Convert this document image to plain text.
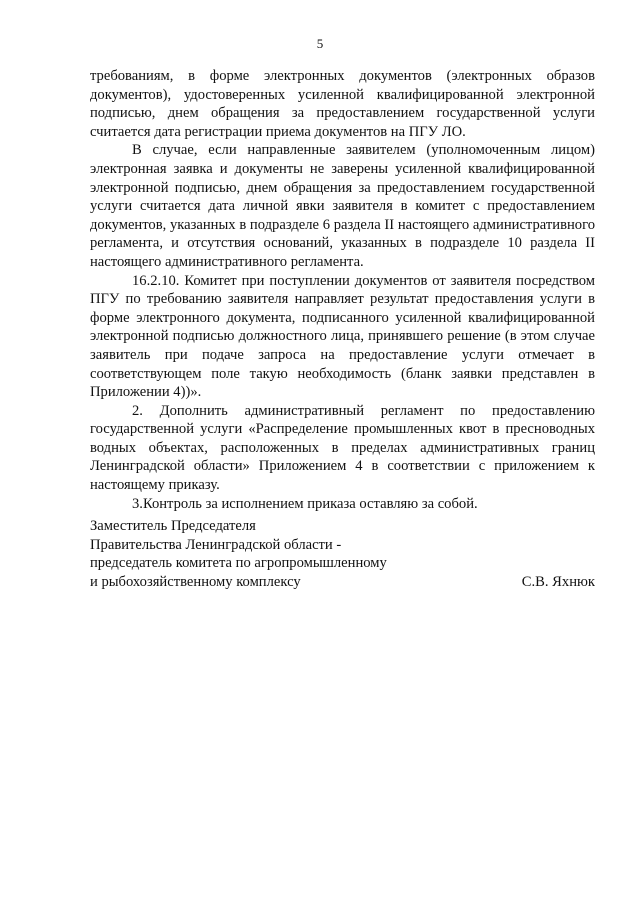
5

требованиям, в форме электронных документов (электронных образов документов), удостоверенных усиленной квалифицированной электронной подписью, днем обращения за предоставлением государственной услуги считается дата регистрации приема документов на ПГУ ЛО.

В случае, если направленные заявителем (уполномоченным лицом) электронная заявка и документы не заверены усиленной квалифицированной электронной подписью, днем обращения за предоставлением государственной услуги считается дата личной явки заявителя в комитет с предоставлением документов, указанных в подразделе 6 раздела II настоящего административного регламента, и отсутствия оснований, указанных в подразделе 10 раздела II настоящего административного регламента.

16.2.10. Комитет при поступлении документов от заявителя посредством ПГУ по требованию заявителя направляет результат предоставления услуги в форме электронного документа, подписанного усиленной квалифицированной электронной подписью должностного лица, принявшего решение (в этом случае заявитель при подаче запроса на предоставление услуги отмечает в соответствующем поле такую необходимость (бланк заявки представлен в Приложении 4))».

2. Дополнить административный регламент по предоставлению государственной услуги «Распределение промышленных квот в пресноводных водных объектах, расположенных в пределах административных границ Ленинградской области» Приложением 4 в соответствии с приложением к настоящему приказу.

3.Контроль за исполнением приказа оставляю за собой.

Заместитель Председателя
Правительства Ленинградской области -
председатель комитета по агропромышленному
и рыбохозяйственному комплексу	С.В. Яхнюк
